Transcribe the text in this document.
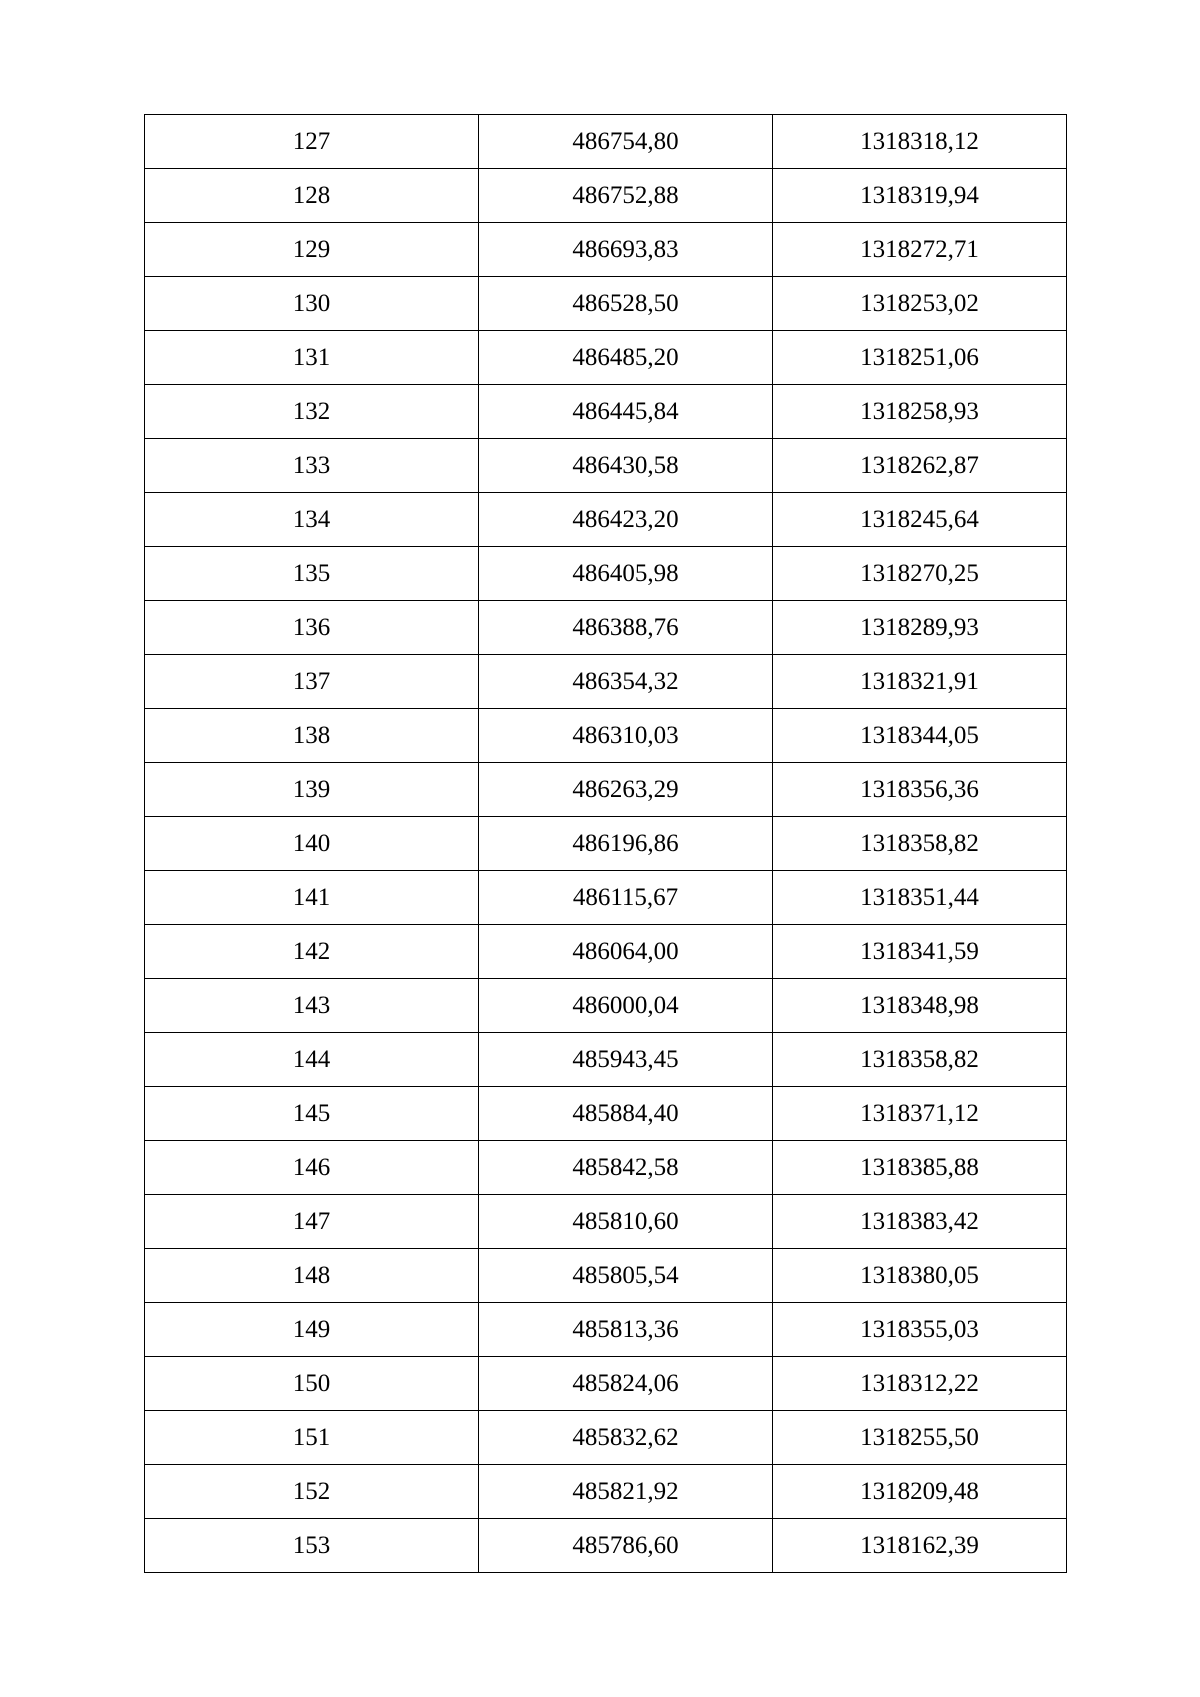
127	486754,80	1318318,12
128	486752,88	1318319,94
129	486693,83	1318272,71
130	486528,50	1318253,02
131	486485,20	1318251,06
132	486445,84	1318258,93
133	486430,58	1318262,87
134	486423,20	1318245,64
135	486405,98	1318270,25
136	486388,76	1318289,93
137	486354,32	1318321,91
138	486310,03	1318344,05
139	486263,29	1318356,36
140	486196,86	1318358,82
141	486115,67	1318351,44
142	486064,00	1318341,59
143	486000,04	1318348,98
144	485943,45	1318358,82
145	485884,40	1318371,12
146	485842,58	1318385,88
147	485810,60	1318383,42
148	485805,54	1318380,05
149	485813,36	1318355,03
150	485824,06	1318312,22
151	485832,62	1318255,50
152	485821,92	1318209,48
153	485786,60	1318162,39
